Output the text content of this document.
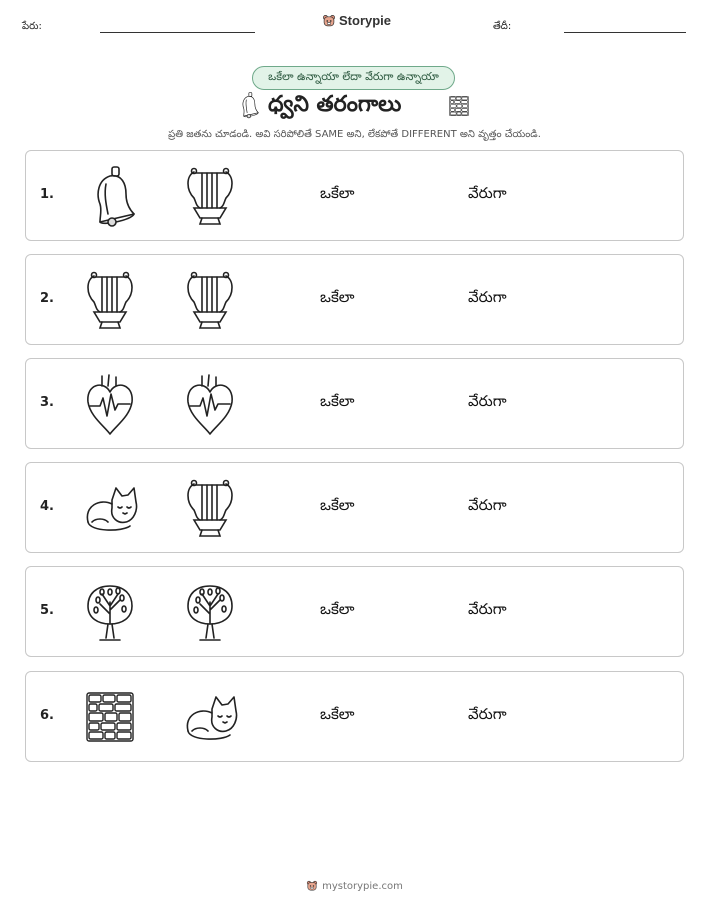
పేరు:	Storypie	తేదీ:
ఒకేలా ఉన్నాయా లేదా వేరుగా ఉన్నాయా
ధ్వని తరంగాలు
ప్రతి జతను చూడండి. అవి సరిపోలితే SAME అని, లేకపోతే DIFFERENT అని వృత్తం చేయండి.
1.	ఒకేలా	వేరుగా
2.	ఒకేలా	వేరుగా
3.	ఒకేలా	వేరుగా
4.	ఒకేలా	వేరుగా
5.	ఒకేలా	వేరుగా
6.	ఒకేలా	వేరుగా
mystorypie.com
